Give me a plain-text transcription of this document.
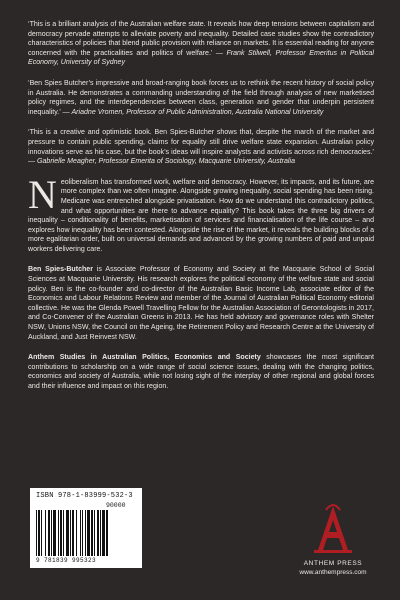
‘This is a brilliant analysis of the Australian welfare state. It reveals how deep tensions between capitalism and democracy pervade attempts to alleviate poverty and inequality. Detailed case studies show the contradictory characteristics of policies that blend public provision with reliance on markets. It is essential reading for anyone concerned with the practicalities and politics of welfare.’ — Frank Stilwell, Professor Emeritus in Political Economy, University of Sydney

‘Ben Spies Butcher’s impressive and broad-ranging book forces us to rethink the recent history of social policy in Australia. He demonstrates a commanding understanding of the field through analysis of new marketised policy regimes, and the interdependencies between class, generation and gender that underpin persistent inequality.’ — Ariadne Vromen, Professor of Public Administration, Australia National University

‘This is a creative and optimistic book. Ben Spies-Butcher shows that, despite the march of the market and pressure to contain public spending, claims for equality still drive welfare state expansion. Australian policy innovations serve as his case, but the book’s ideas will inspire analysts and activists across rich democracies.’ — Gabrielle Meagher, Professor Emerita of Sociology, Macquarie University, Australia

Neoliberalism has transformed work, welfare and democracy. However, its impacts, and its future, are more complex than we often imagine. Alongside growing inequality, social spending has been rising. Medicare was entrenched alongside privatisation. How do we understand this contradictory politics, and what opportunities are there to advance equality? This book takes the three big drivers of inequality – conditionality of benefits, marketisation of services and financialisation of the life course – and explores how inequality has been contested. Alongside the rise of the market, it reveals the building blocks of a more egalitarian order, built on universal demands and advanced by the growing numbers of paid and unpaid workers delivering care.

Ben Spies-Butcher is Associate Professor of Economy and Society at the Macquarie School of Social Sciences at Macquarie University. His research explores the political economy of the welfare state and social policy. Ben is the co-founder and co-director of the Australian Basic Income Lab, associate editor of the Economics and Labour Relations Review and member of the Journal of Australian Political Economy editorial collective. He was the Glenda Powell Travelling Fellow for the Australian Association of Gerontologists in 2017, and Co-Convener of the Australian Greens in 2013. He has held advisory and governance roles with Shelter NSW, Unions NSW, the Council on the Ageing, the Retirement Policy and Research Centre at the University of Auckland, and Just Reinvest NSW.

Anthem Studies in Australian Politics, Economics and Society showcases the most significant contributions to scholarship on a wide range of social science issues, dealing with the changing politics, economics and society of Australia, while not losing sight of the interplay of other regional and global forces and their influence and impact on this region.

ISBN 978-1-83999-532-3
90000
9 781839 995323	ANTHEM PRESS
www.anthempress.com
